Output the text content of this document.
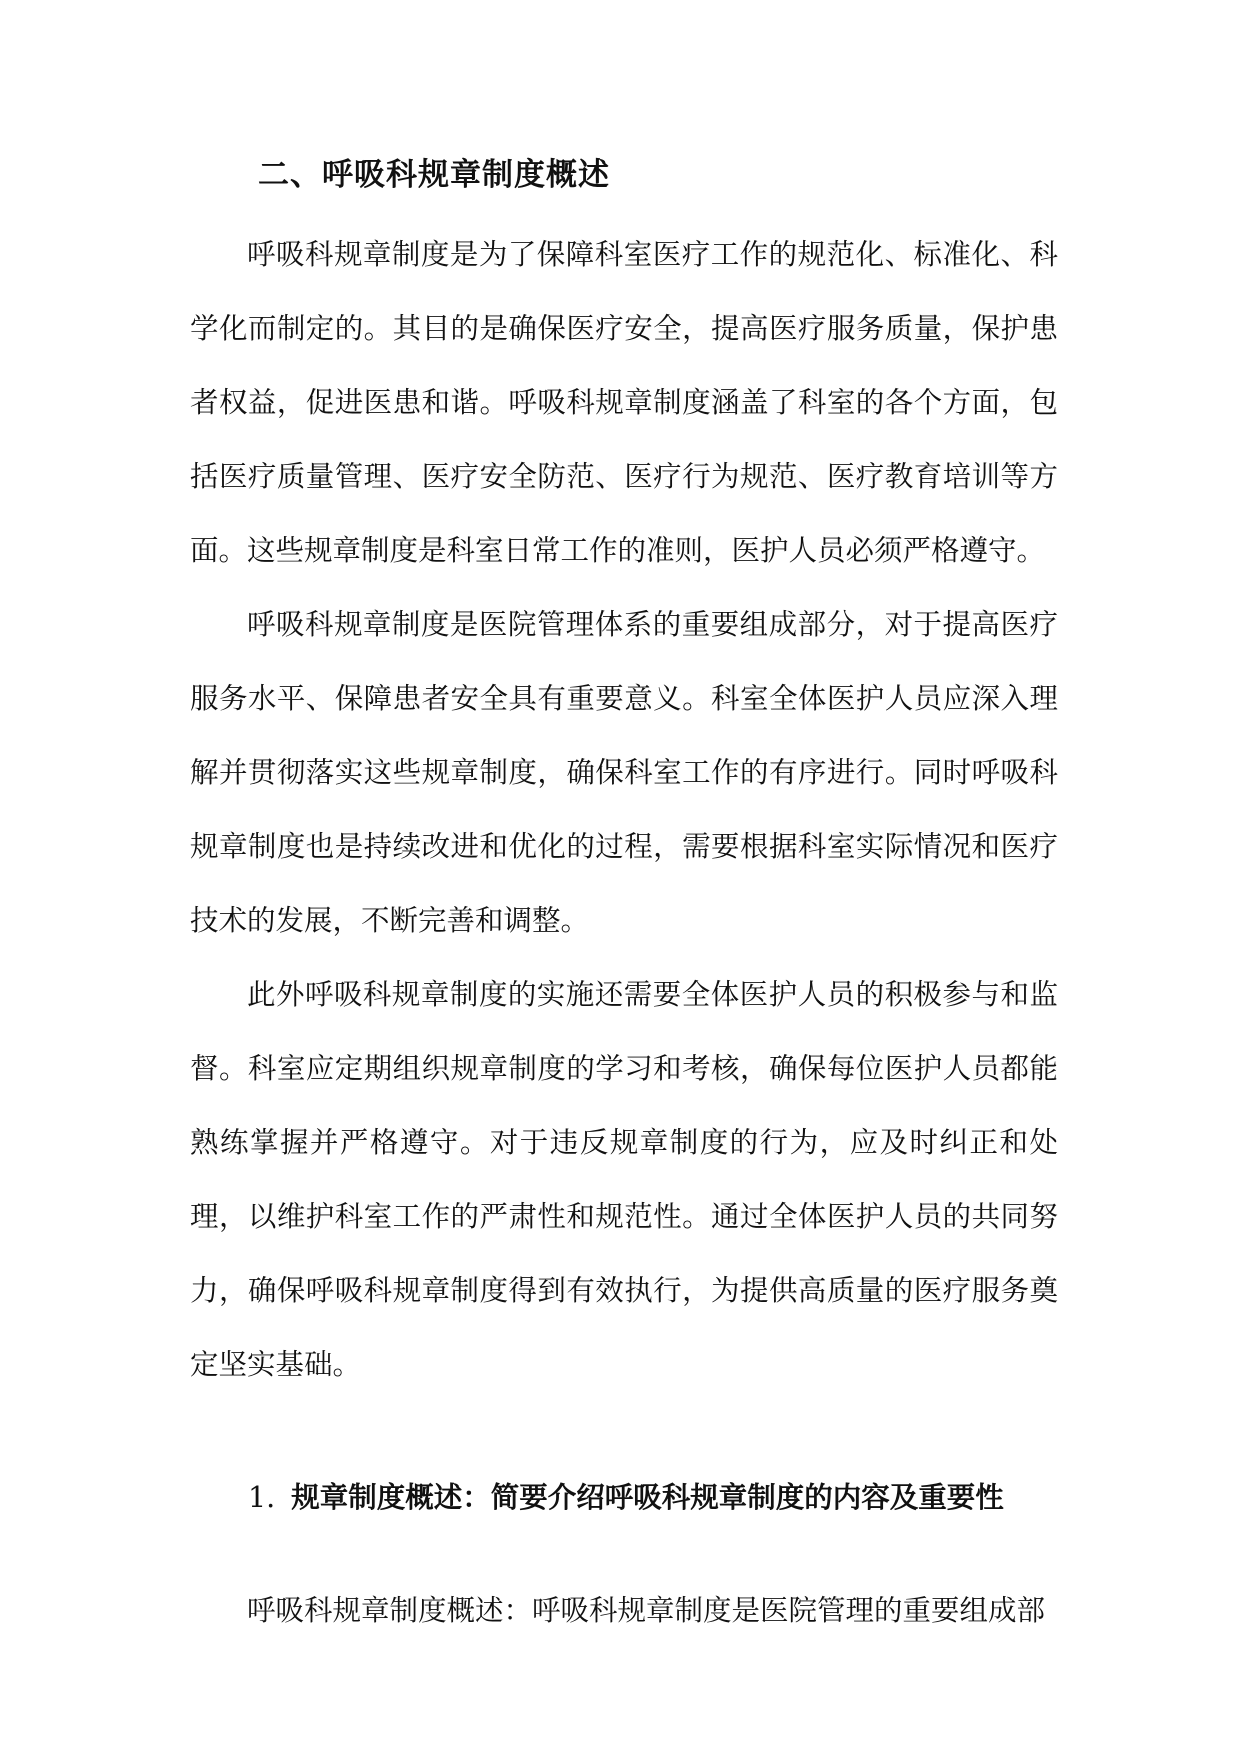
二、呼吸科规章制度概述

呼吸科规章制度是为了保障科室医疗工作的规范化、标准化、科学化而制定的。其目的是确保医疗安全，提高医疗服务质量，保护患者权益，促进医患和谐。呼吸科规章制度涵盖了科室的各个方面，包括医疗质量管理、医疗安全防范、医疗行为规范、医疗教育培训等方面。这些规章制度是科室日常工作的准则，医护人员必须严格遵守。

呼吸科规章制度是医院管理体系的重要组成部分，对于提高医疗服务水平、保障患者安全具有重要意义。科室全体医护人员应深入理解并贯彻落实这些规章制度，确保科室工作的有序进行。同时呼吸科规章制度也是持续改进和优化的过程，需要根据科室实际情况和医疗技术的发展，不断完善和调整。

此外呼吸科规章制度的实施还需要全体医护人员的积极参与和监督。科室应定期组织规章制度的学习和考核，确保每位医护人员都能熟练掌握并严格遵守。对于违反规章制度的行为，应及时纠正和处理，以维护科室工作的严肃性和规范性。通过全体医护人员的共同努力，确保呼吸科规章制度得到有效执行，为提供高质量的医疗服务奠定坚实基础。

1. 规章制度概述：简要介绍呼吸科规章制度的内容及重要性

呼吸科规章制度概述：呼吸科规章制度是医院管理的重要组成部
